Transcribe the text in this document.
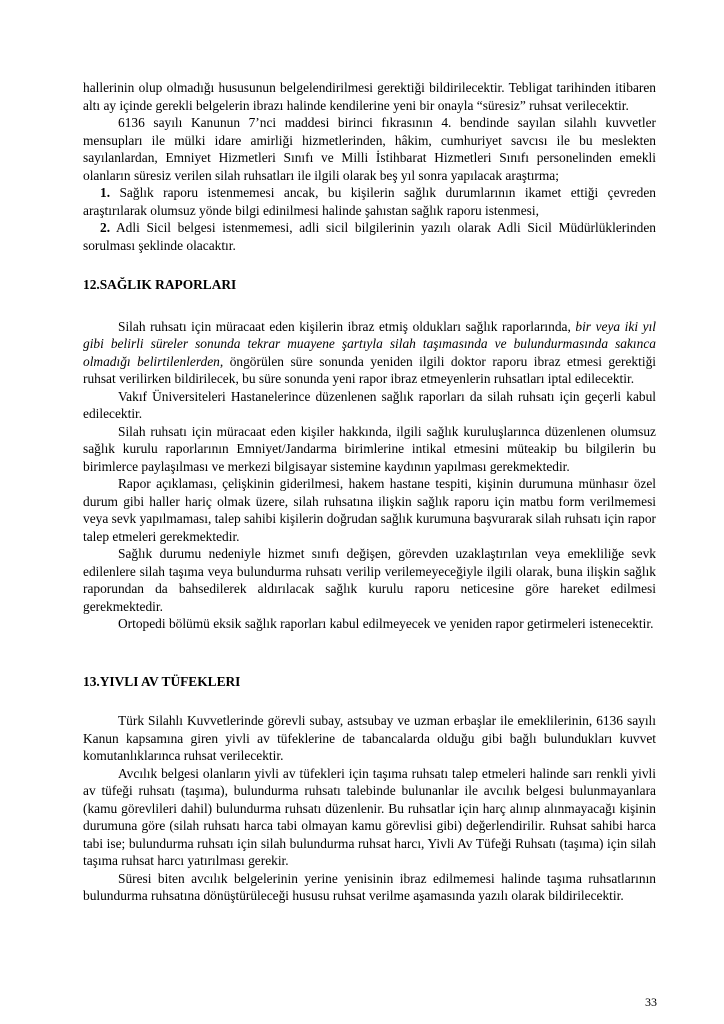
hallerinin olup olmadığı hususunun belgelendirilmesi gerektiği bildirilecektir. Tebligat tarihinden itibaren altı ay içinde gerekli belgelerin ibrazı halinde kendilerine yeni bir onayla “süresiz” ruhsat verilecektir.

6136 sayılı Kanunun 7’nci maddesi birinci fıkrasının 4. bendinde sayılan silahlı kuvvetler mensupları ile mülki idare amirliği hizmetlerinden, hâkim, cumhuriyet savcısı ile bu meslekten sayılanlardan, Emniyet Hizmetleri Sınıfı ve Milli İstihbarat Hizmetleri Sınıfı personelinden emekli olanların süresiz verilen silah ruhsatları ile ilgili olarak beş yıl sonra yapılacak araştırma;

1. Sağlık raporu istenmemesi ancak, bu kişilerin sağlık durumlarının ikamet ettiği çevreden araştırılarak olumsuz yönde bilgi edinilmesi halinde şahıstan sağlık raporu istenmesi,

2. Adli Sicil belgesi istenmemesi, adli sicil bilgilerinin yazılı olarak Adli Sicil Müdürlüklerinden sorulması şeklinde olacaktır.

12.SAĞLIK RAPORLARI

Silah ruhsatı için müracaat eden kişilerin ibraz etmiş oldukları sağlık raporlarında, bir veya iki yıl gibi belirli süreler sonunda tekrar muayene şartıyla silah taşımasında ve bulundurmasında sakınca olmadığı belirtilenlerden, öngörülen süre sonunda yeniden ilgili doktor raporu ibraz etmesi gerektiği ruhsat verilirken bildirilecek, bu süre sonunda yeni rapor ibraz etmeyenlerin ruhsatları iptal edilecektir.

Vakıf Üniversiteleri Hastanelerince düzenlenen sağlık raporları da silah ruhsatı için geçerli kabul edilecektir.

Silah ruhsatı için müracaat eden kişiler hakkında, ilgili sağlık kuruluşlarınca düzenlenen olumsuz sağlık kurulu raporlarının Emniyet/Jandarma birimlerine intikal etmesini müteakip bu bilgilerin bu birimlerce paylaşılması ve merkezi bilgisayar sistemine kaydının yapılması gerekmektedir.

Rapor açıklaması, çelişkinin giderilmesi, hakem hastane tespiti, kişinin durumuna münhasır özel durum gibi haller hariç olmak üzere, silah ruhsatına ilişkin sağlık raporu için matbu form verilmemesi veya sevk yapılmaması, talep sahibi kişilerin doğrudan sağlık kurumuna başvurarak silah ruhsatı için rapor talep etmeleri gerekmektedir.

Sağlık durumu nedeniyle hizmet sınıfı değişen, görevden uzaklaştırılan veya emekliliğe sevk edilenlere silah taşıma veya bulundurma ruhsatı verilip verilemeyeceğiyle ilgili olarak, buna ilişkin sağlık raporundan da bahsedilerek aldırılacak sağlık kurulu raporu neticesine göre hareket edilmesi gerekmektedir.

Ortopedi bölümü eksik sağlık raporları kabul edilmeyecek ve yeniden rapor getirmeleri istenecektir.

13.YIVLI AV TÜFEKLERI

Türk Silahlı Kuvvetlerinde görevli subay, astsubay ve uzman erbaşlar ile emeklilerinin, 6136 sayılı Kanun kapsamına giren yivli av tüfeklerine de tabancalarda olduğu gibi bağlı bulundukları kuvvet komutanlıklarınca ruhsat verilecektir.

Avcılık belgesi olanların yivli av tüfekleri için taşıma ruhsatı talep etmeleri halinde sarı renkli yivli av tüfeği ruhsatı (taşıma), bulundurma ruhsatı talebinde bulunanlar ile avcılık belgesi bulunmayanlara (kamu görevlileri dahil) bulundurma ruhsatı düzenlenir. Bu ruhsatlar için harç alınıp alınmayacağı kişinin durumuna göre (silah ruhsatı harca tabi olmayan kamu görevlisi gibi) değerlendirilir. Ruhsat sahibi harca tabi ise; bulundurma ruhsatı için silah bulundurma ruhsat harcı, Yivli Av Tüfeği Ruhsatı (taşıma) için silah taşıma ruhsat harcı yatırılması gerekir.

Süresi biten avcılık belgelerinin yerine yenisinin ibraz edilmemesi halinde taşıma ruhsatlarının bulundurma ruhsatına dönüştürüleceği hususu ruhsat verilme aşamasında yazılı olarak bildirilecektir.

33
